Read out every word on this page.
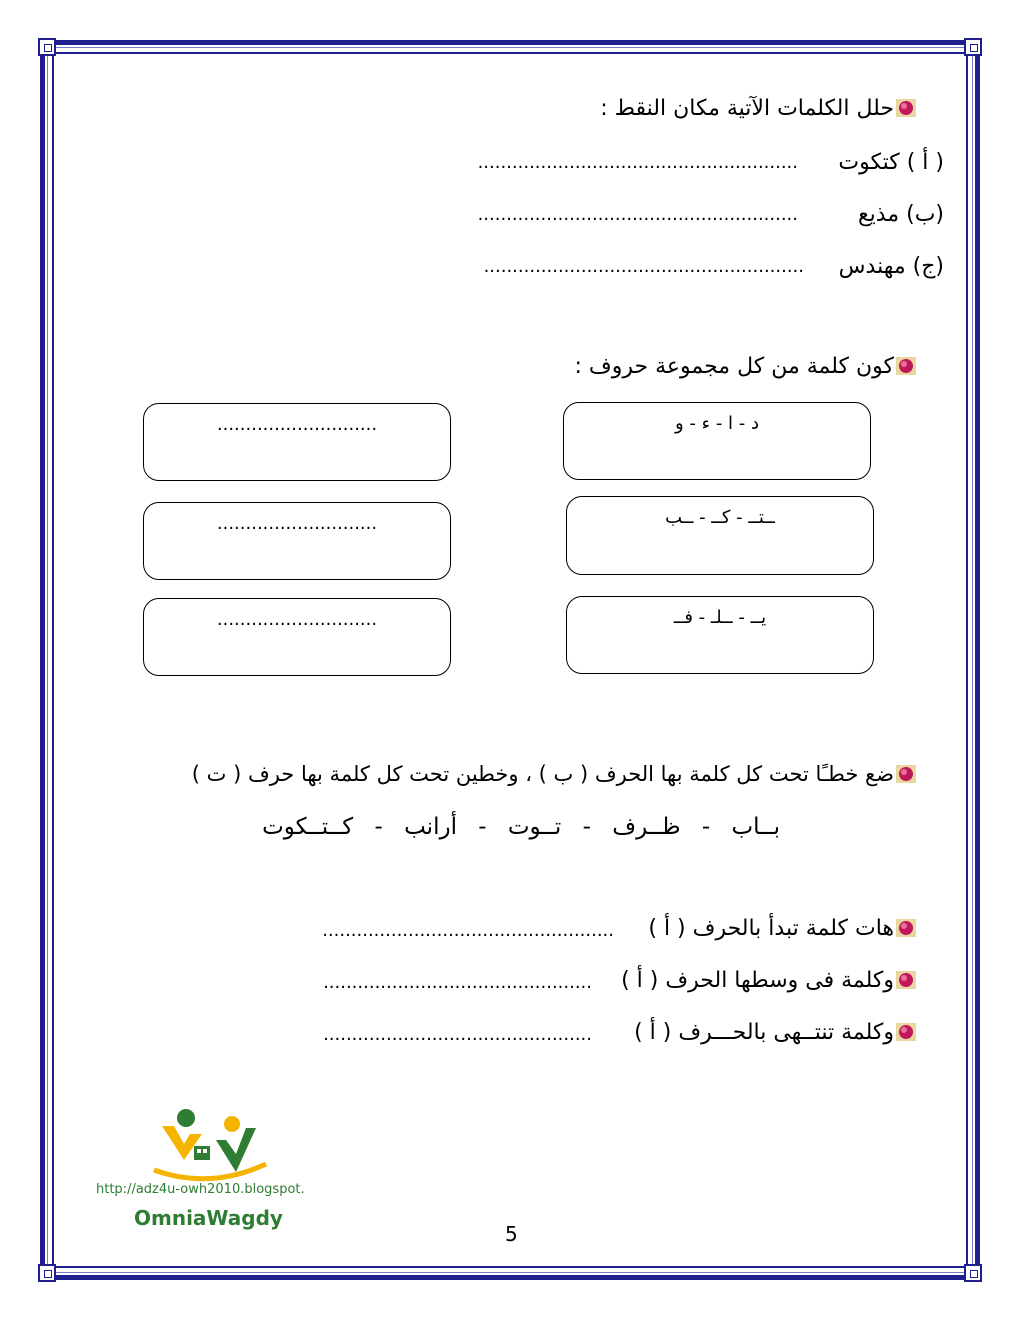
حلل الكلمات الآتية مكان النقط :
( أ ) كتكوت
........................................................
(ب) مذيع
........................................................
(ج) مهندس
........................................................
كون كلمة من كل مجموعة حروف :
د - ا - ء - و
............................
ــتــ - كــ - ــب
............................
يــ - ــلـ - فــ
............................
ضع خطـًا تحت كل كلمة بها الحرف ( ب ) ، وخطين تحت كل كلمة بها حرف ( ت )
بــاب - ظــرف - تــوت - أرانب - كــتــكوت
هات كلمة تبدأ بالحرف ( أ )
...................................................
وكلمة فى وسطها الحرف ( أ )
...............................................
وكلمة تنتــهى بالحـــرف ( أ )
...............................................
http://adz4u-owh2010.blogspot.
OmniaWagdy
5
